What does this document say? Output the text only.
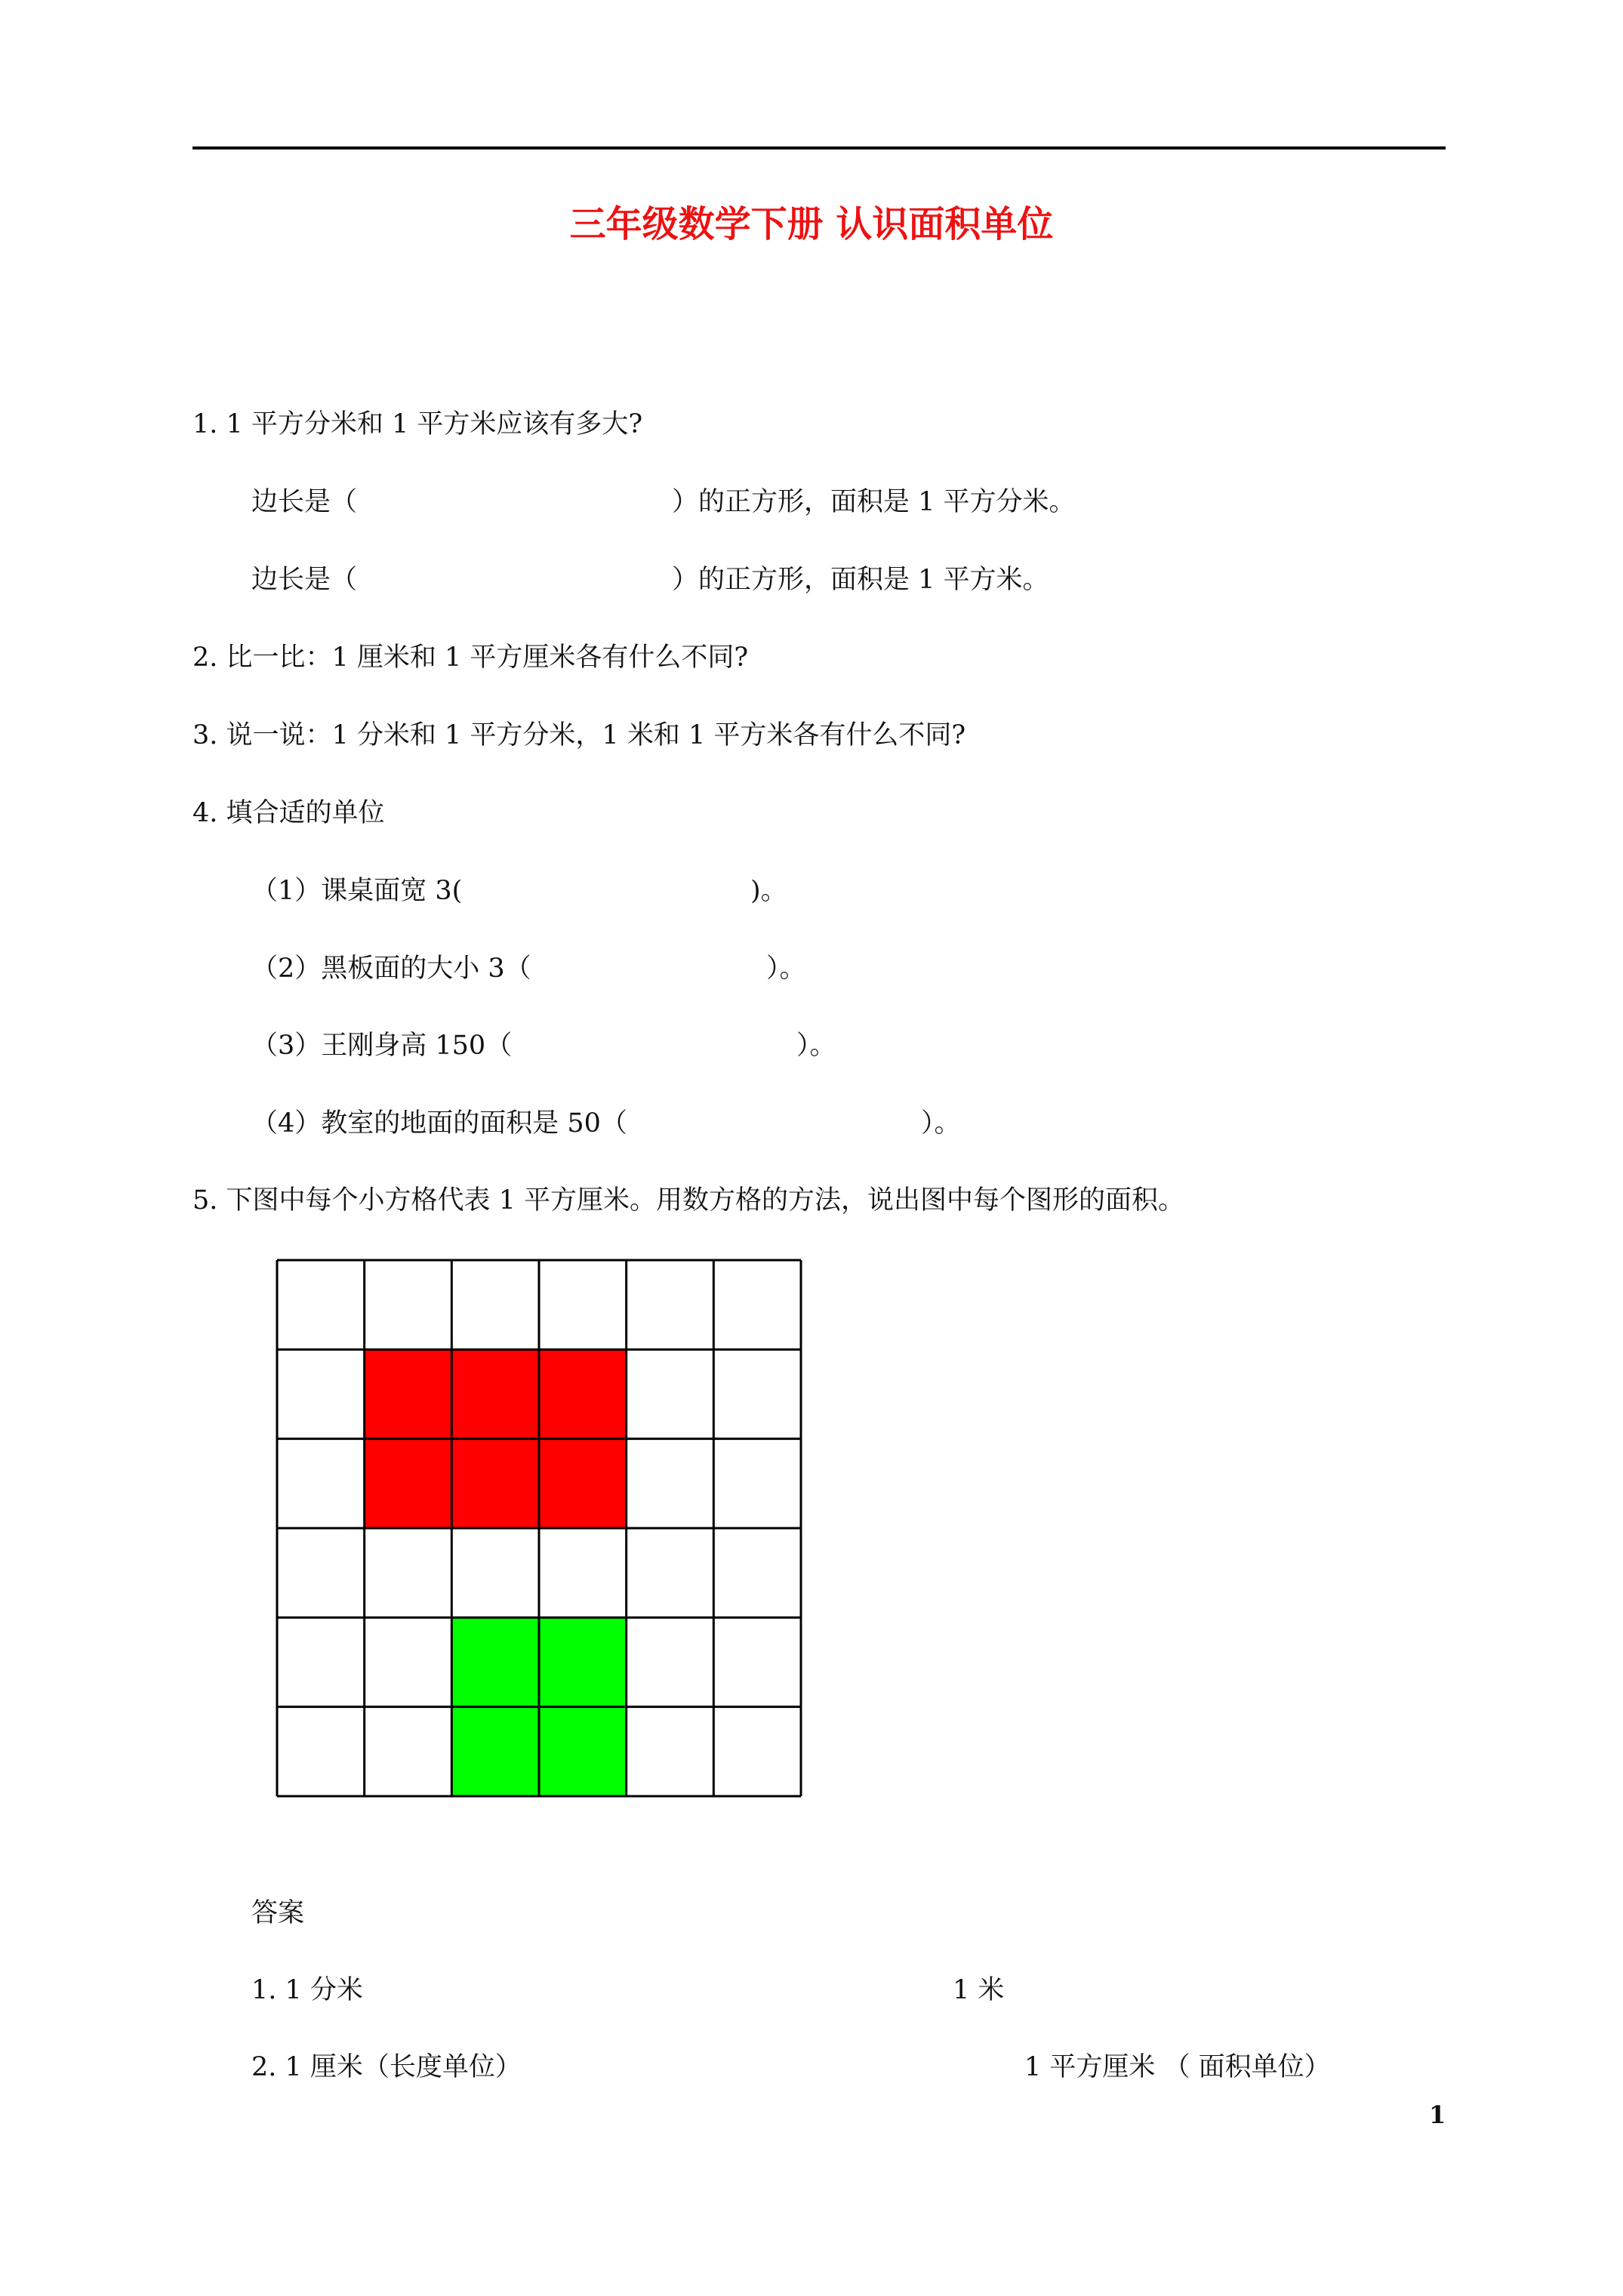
三年级数学下册 认识面积单位
1. 1 平方分米和 1 平方米应该有多大?
边长是（	）的正方形，面积是 1 平方分米。
边长是（	）的正方形，面积是 1 平方米。
2. 比一比：1 厘米和 1 平方厘米各有什么不同?
3. 说一说：1 分米和 1 平方分米，1 米和 1 平方米各有什么不同?
4. 填合适的单位
（1）课桌面宽 3(	)。
（2）黑板面的大小 3（	）。
（3）王刚身高 150（	）。
（4）教室的地面的面积是 50（	）。
5. 下图中每个小方格代表 1 平方厘米。用数方格的方法，说出图中每个图形的面积。
答案
1. 1 分米	1 米
2. 1 厘米（长度单位）	1 平方厘米 （ 面积单位）
1
